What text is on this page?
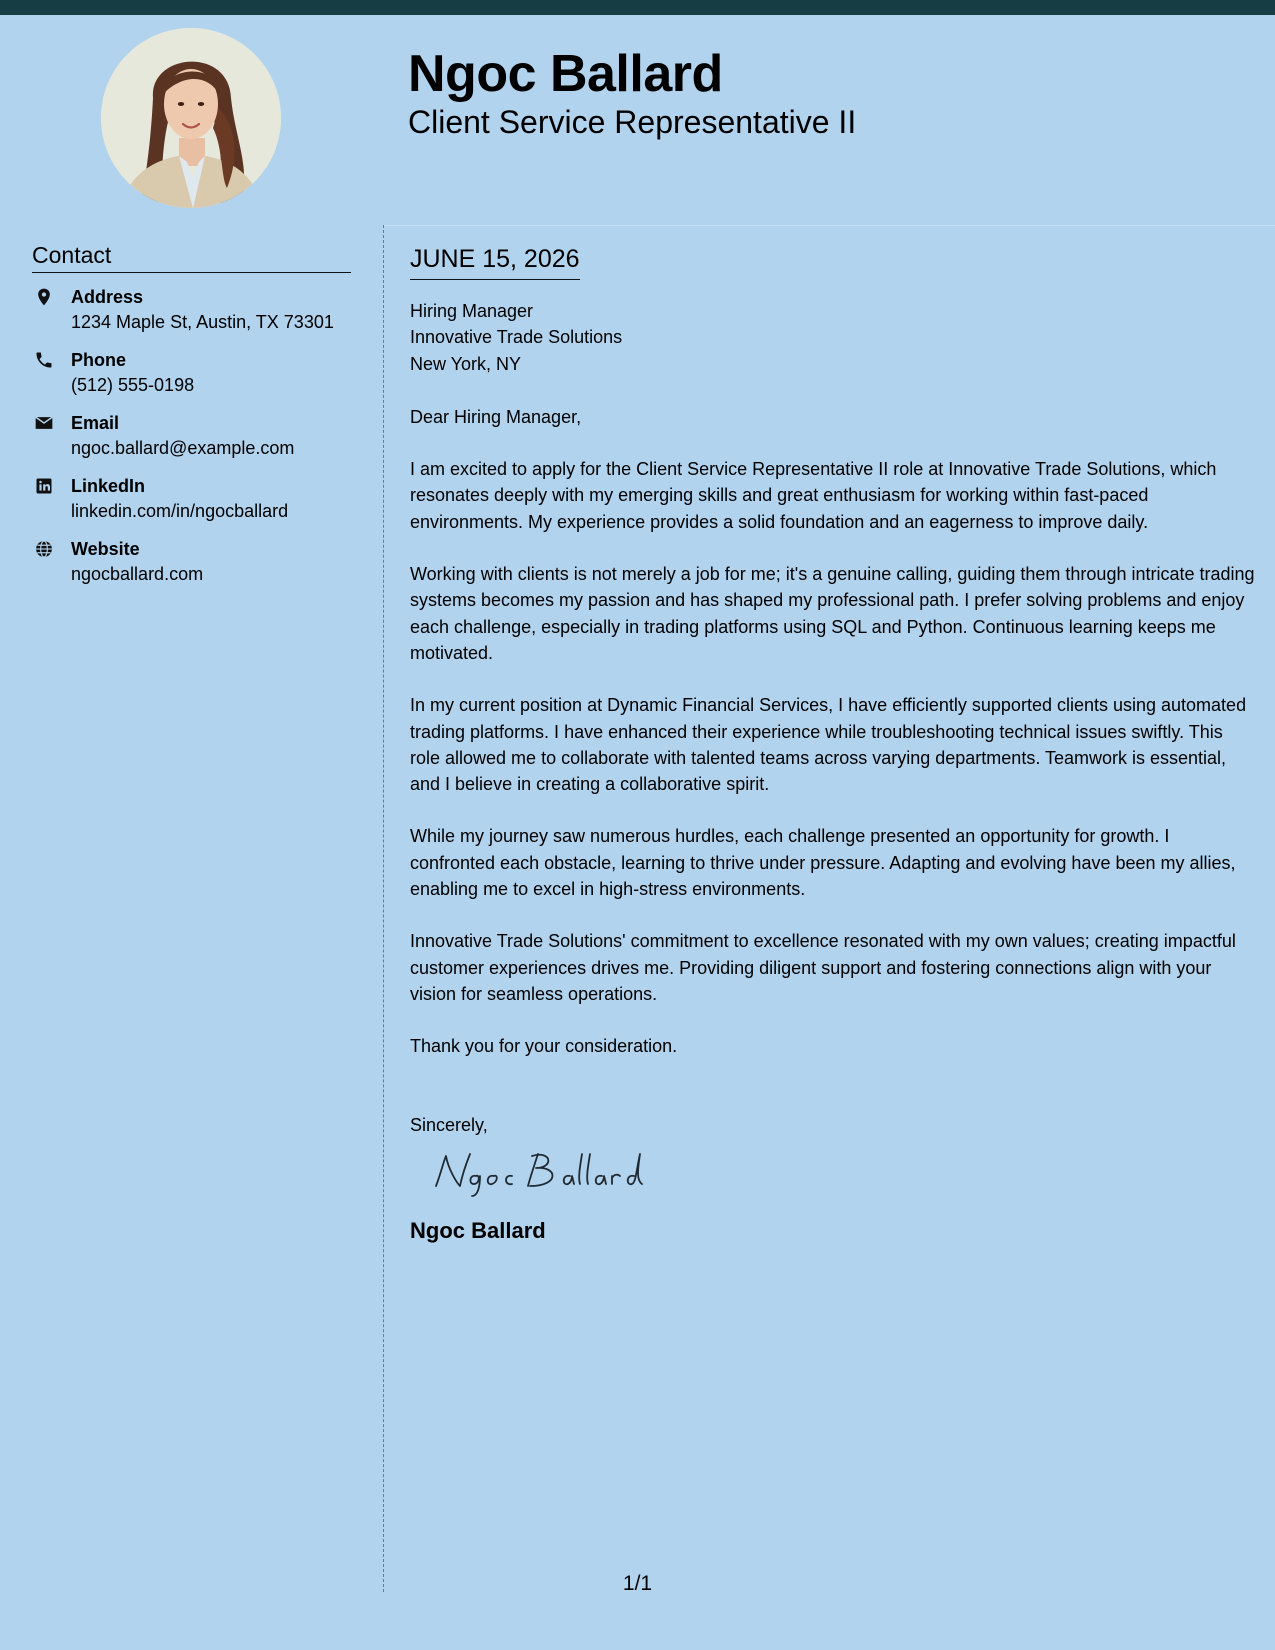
Ngoc Ballard
Client Service Representative II
Contact
Address
1234 Maple St, Austin, TX 73301
Phone
(512) 555-0198
Email
ngoc.ballard@example.com
LinkedIn
linkedin.com/in/ngocballard
Website
ngocballard.com
JUNE 15, 2026
Hiring Manager
Innovative Trade Solutions
New York, NY

Dear Hiring Manager,

I am excited to apply for the Client Service Representative II role at Innovative Trade Solutions, which resonates deeply with my emerging skills and great enthusiasm for working within fast-paced environments. My experience provides a solid foundation and an eagerness to improve daily.

Working with clients is not merely a job for me; it's a genuine calling, guiding them through intricate trading systems becomes my passion and has shaped my professional path. I prefer solving problems and enjoy each challenge, especially in trading platforms using SQL and Python. Continuous learning keeps me motivated.

In my current position at Dynamic Financial Services, I have efficiently supported clients using automated trading platforms. I have enhanced their experience while troubleshooting technical issues swiftly. This role allowed me to collaborate with talented teams across varying departments. Teamwork is essential, and I believe in creating a collaborative spirit.

While my journey saw numerous hurdles, each challenge presented an opportunity for growth. I confronted each obstacle, learning to thrive under pressure. Adapting and evolving have been my allies, enabling me to excel in high-stress environments.

Innovative Trade Solutions' commitment to excellence resonated with my own values; creating impactful customer experiences drives me. Providing diligent support and fostering connections align with your vision for seamless operations.

Thank you for your consideration.

Sincerely,

Ngoc Ballard
1/1
